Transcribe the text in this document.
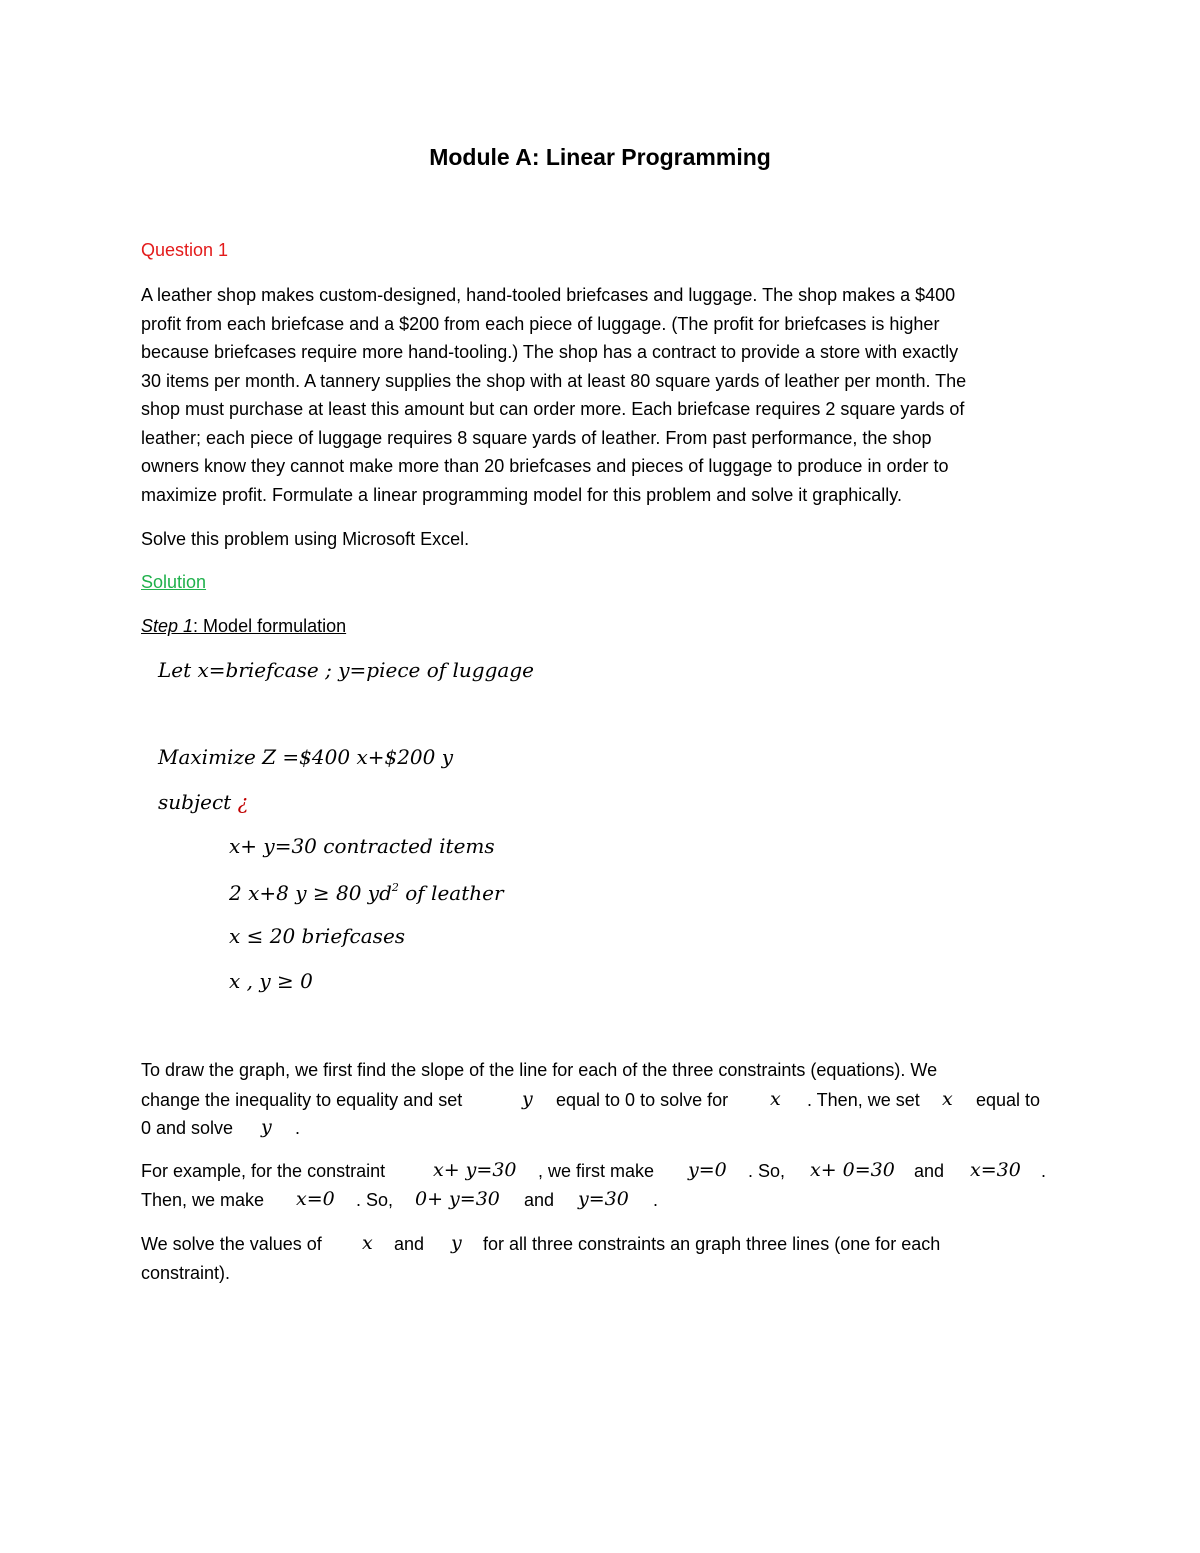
Module A: Linear Programming
Question 1
A leather shop makes custom-designed, hand-tooled briefcases and luggage. The shop makes a $400
profit from each briefcase and a $200 from each piece of luggage. (The profit for briefcases is higher
because briefcases require more hand-tooling.) The shop has a contract to provide a store with exactly
30 items per month. A tannery supplies the shop with at least 80 square yards of leather per month. The
shop must purchase at least this amount but can order more. Each briefcase requires 2 square yards of
leather; each piece of luggage requires 8 square yards of leather. From past performance, the shop
owners know they cannot make more than 20 briefcases and pieces of luggage to produce in order to
maximize profit. Formulate a linear programming model for this problem and solve it graphically.
Solve this problem using Microsoft Excel.
Solution
Step 1: Model formulation
Let x=briefcase ; y=piece of luggage
Maximize Z =$400 x+$200 y
subject ¿
x+ y=30 contracted items
2 x+8 y ≥ 80 $yd^2$ of leather
x ≤ 20 briefcases
x , y ≥ 0
To draw the graph, we first find the slope of the line for each of the three constraints (equations). We
change the inequality to equality and set	y equal to 0 to solve for x . Then, we set x equal to
0 and solve y .
For example, for the constraint	x+ y=30 , we first make y=0 . So, x+ 0=30 and x=30 .
Then, we make x=0 . So, 0+ y=30 and y=30 .
We solve the values of x and y for all three constraints an graph three lines (one for each
constraint).
